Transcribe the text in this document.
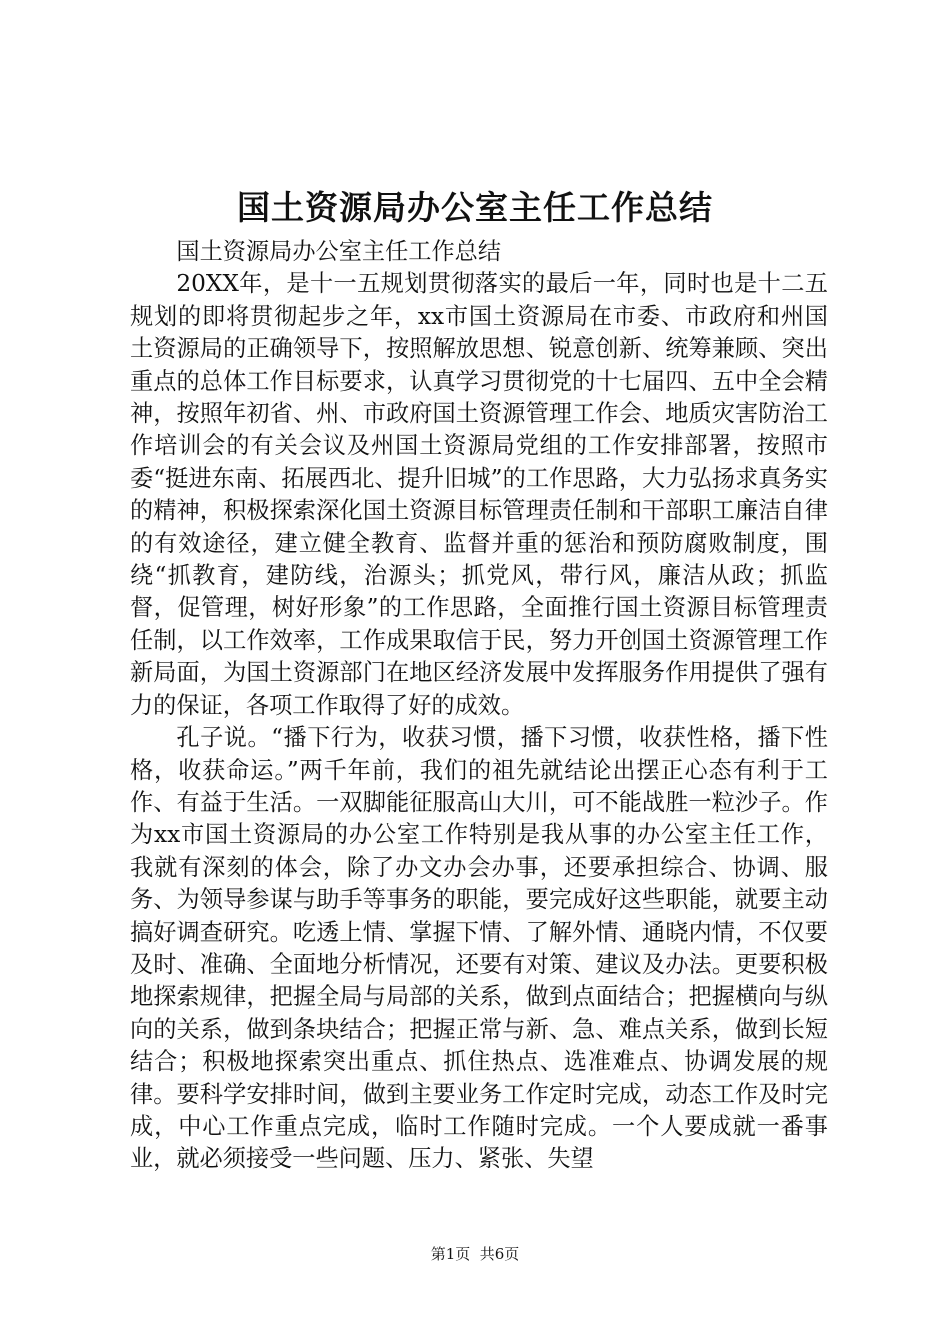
国土资源局办公室主任工作总结

国土资源局办公室主任工作总结

20XX年，是十一五规划贯彻落实的最后一年，同时也是十二五规划的即将贯彻起步之年，xx市国土资源局在市委、市政府和州国土资源局的正确领导下，按照解放思想、锐意创新、统筹兼顾、突出重点的总体工作目标要求，认真学习贯彻党的十七届四、五中全会精神，按照年初省、州、市政府国土资源管理工作会、地质灾害防治工作培训会的有关会议及州国土资源局党组的工作安排部署，按照市委“挺进东南、拓展西北、提升旧城”的工作思路，大力弘扬求真务实的精神，积极探索深化国土资源目标管理责任制和干部职工廉洁自律的有效途径，建立健全教育、监督并重的惩治和预防腐败制度，围绕“抓教育，建防线，治源头；抓党风，带行风，廉洁从政；抓监督，促管理，树好形象”的工作思路，全面推行国土资源目标管理责任制，以工作效率，工作成果取信于民，努力开创国土资源管理工作新局面，为国土资源部门在地区经济发展中发挥服务作用提供了强有力的保证，各项工作取得了好的成效。

孔子说。“播下行为，收获习惯，播下习惯，收获性格，播下性格，收获命运。”两千年前，我们的祖先就结论出摆正心态有利于工作、有益于生活。一双脚能征服高山大川，可不能战胜一粒沙子。作为xx市国土资源局的办公室工作特别是我从事的办公室主任工作，我就有深刻的体会，除了办文办会办事，还要承担综合、协调、服务、为领导参谋与助手等事务的职能，要完成好这些职能，就要主动搞好调查研究。吃透上情、掌握下情、了解外情、通晓内情，不仅要及时、准确、全面地分析情况，还要有对策、建议及办法。更要积极地探索规律，把握全局与局部的关系，做到点面结合；把握横向与纵向的关系，做到条块结合；把握正常与新、急、难点关系，做到长短结合；积极地探索突出重点、抓住热点、选准难点、协调发展的规律。要科学安排时间，做到主要业务工作定时完成，动态工作及时完成，中心工作重点完成，临时工作随时完成。一个人要成就一番事业，就必须接受一些问题、压力、紧张、失望

第1页  共6页
